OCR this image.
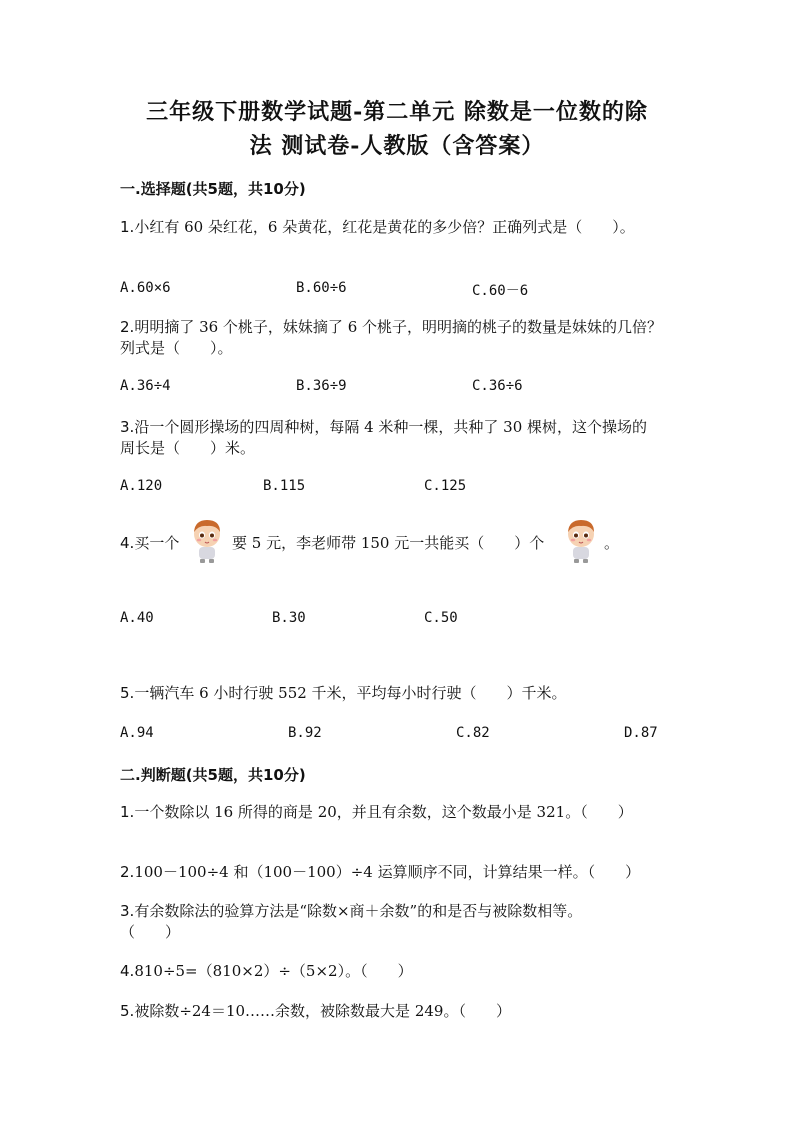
三年级下册数学试题-第二单元 除数是一位数的除
法 测试卷-人教版（含答案）
一.选择题(共5题，共10分)
1.小红有 60 朵红花，6 朵黄花，红花是黄花的多少倍？正确列式是（　　）。
A.60×6	B.60÷6	C.60－6
2.明明摘了 36 个桃子，妹妹摘了 6 个桃子，明明摘的桃子的数量是妹妹的几倍？
列式是（　　）。
A.36÷4	B.36÷9	C.36÷6
3.沿一个圆形操场的四周种树，每隔 4 米种一棵，共种了 30 棵树，这个操场的
周长是（　　）米。
A.120	B.115	C.125
4.买一个	要 5 元，李老师带 150 元一共能买（　　）个	。
A.40	B.30	C.50
5.一辆汽车 6 小时行驶 552 千米，平均每小时行驶（　　）千米。
A.94	B.92	C.82	D.87
二.判断题(共5题，共10分)
1.一个数除以 16 所得的商是 20，并且有余数，这个数最小是 321。（　　）
2.100－100÷4 和（100－100）÷4 运算顺序不同，计算结果一样。（　　）
3.有余数除法的验算方法是“除数×商＋余数”的和是否与被除数相等。
（　　）
4.810÷5=（810×2）÷（5×2）。（　　）
5.被除数÷24＝10……余数，被除数最大是 249。（　　）
